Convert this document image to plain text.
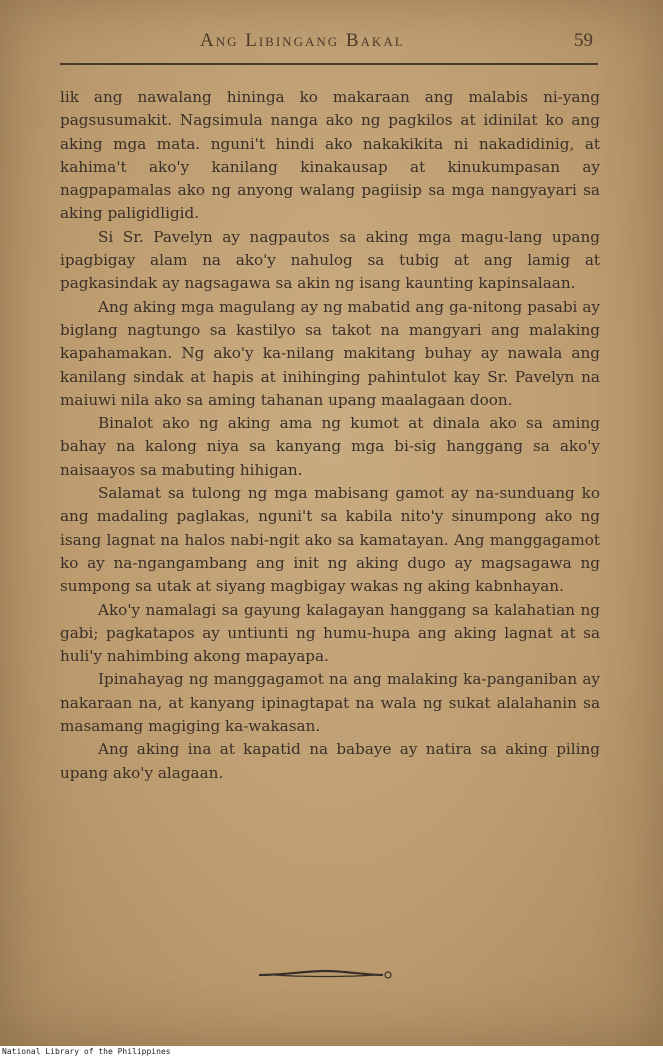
Ang Libingang Bakal	59

lik ang nawalang hininga ko makaraan ang malabis ni-yang pagsusumakit. Nagsimula nanga ako ng pagkilos at idinilat ko ang aking mga mata. nguni't hindi ako nakakikita ni nakadidinig, at kahima't ako'y kanilang kinakausap at kinukumpasan ay nagpapamalas ako ng anyong walang pagiisip sa mga nangyayari sa aking paligidligid.

Si Sr. Pavelyn ay nagpautos sa aking mga magu-lang upang ipagbigay alam na ako'y nahulog sa tubig at ang lamig at pagkasindak ay nagsagawa sa akin ng isang kaunting kapinsalaan.

Ang aking mga magulang ay ng mabatid ang ga-nitong pasabi ay biglang nagtungo sa kastilyo sa takot na mangyari ang malaking kapahamakan. Ng ako'y ka-nilang makitang buhay ay nawala ang kanilang sindak at hapis at inihinging pahintulot kay Sr. Pavelyn na maiuwi nila ako sa aming tahanan upang maalagaan doon.

Binalot ako ng aking ama ng kumot at dinala ako sa aming bahay na kalong niya sa kanyang mga bi-sig hanggang sa ako'y naisaayos sa mabuting hihigan.

Salamat sa tulong ng mga mabisang gamot ay na-sunduang ko ang madaling paglakas, nguni't sa kabila nito'y sinumpong ako ng isang lagnat na halos nabi-ngit ako sa kamatayan. Ang manggagamot ko ay na-ngangambang ang init ng aking dugo ay magsagawa ng sumpong sa utak at siyang magbigay wakas ng aking kabnhayan.

Ako'y namalagi sa gayung kalagayan hanggang sa kalahatian ng gabi; pagkatapos ay untiunti ng humu-hupa ang aking lagnat at sa huli'y nahimbing akong mapayapa.

Ipinahayag ng manggagamot na ang malaking ka-panganiban ay nakaraan na, at kanyang ipinagtapat na wala ng sukat alalahanin sa masamang magiging ka-wakasan.

Ang aking ina at kapatid na babaye ay natira sa aking piling upang ako'y alagaan.

National Library of the Philippines
